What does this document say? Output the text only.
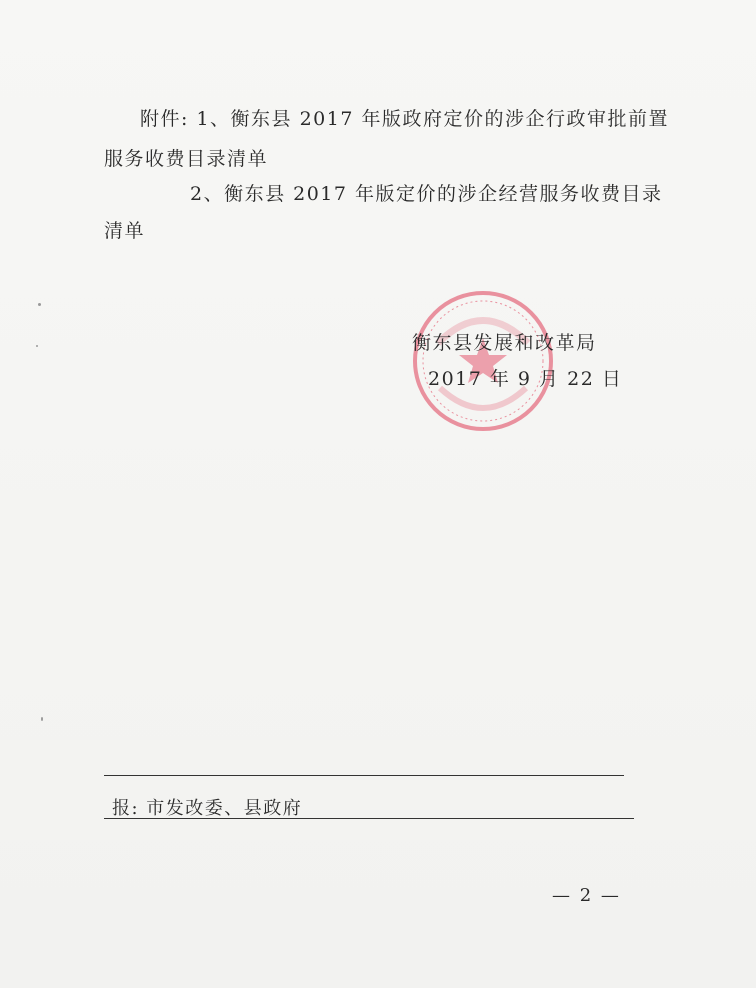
附件: 1、衡东县 2017 年版政府定价的涉企行政审批前置
服务收费目录清单
2、衡东县 2017 年版定价的涉企经营服务收费目录
清单
衡东县发展和改革局
2017 年 9 月 22 日
报: 市发改委、县政府
— 2 —
